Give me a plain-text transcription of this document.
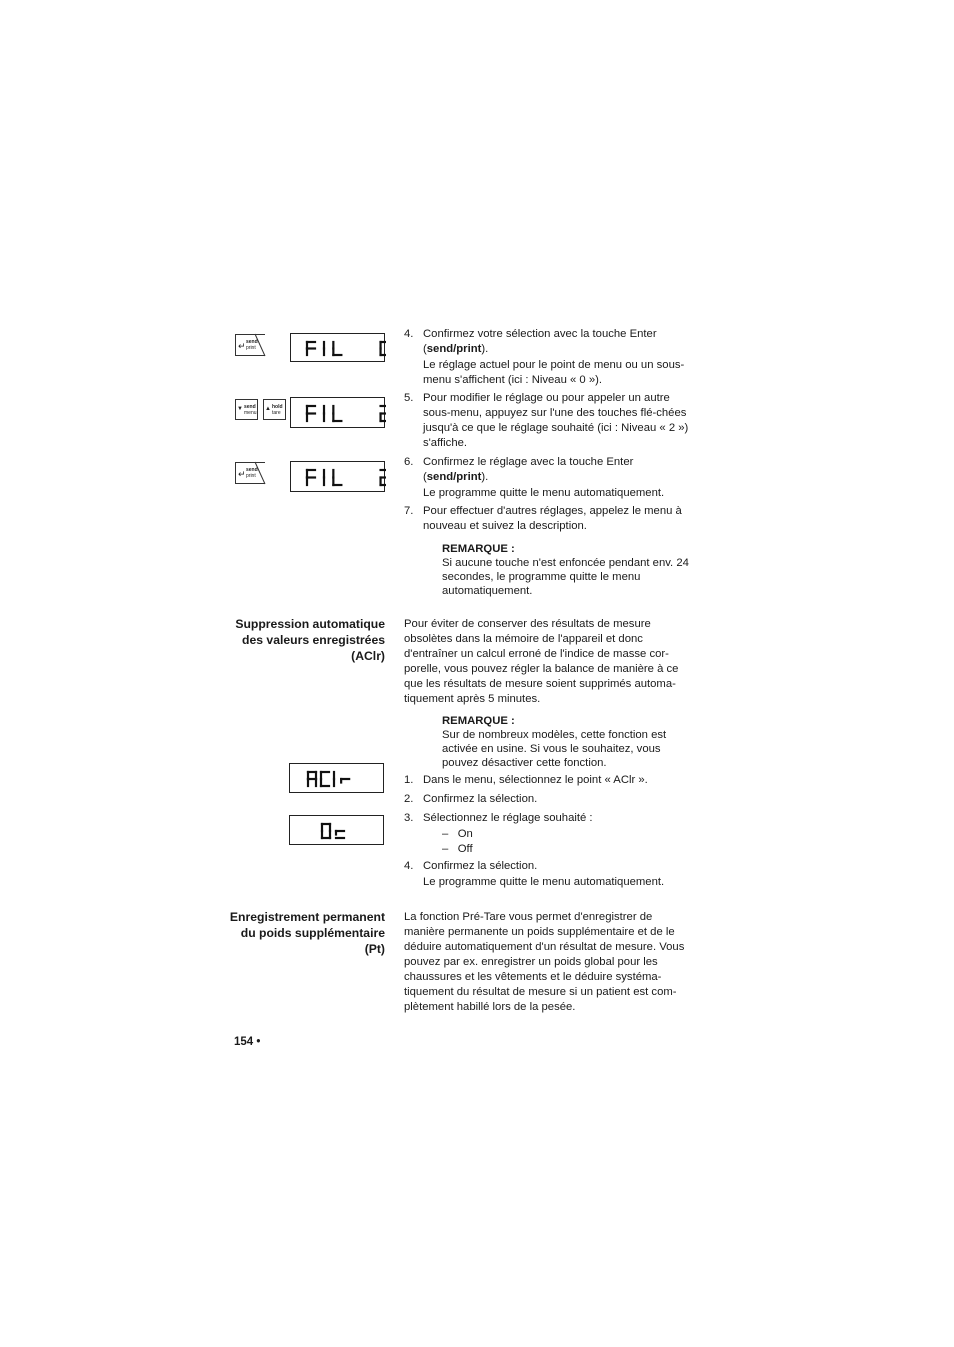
↵ send
print
▼ send
menu
▲ hold
tare
↵ send
print
4. Confirmez votre sélection avec la touche Enter (send/print).

Le réglage actuel pour le point de menu ou un sous-menu s'affichent (ici : Niveau « 0 »).

5. Pour modifier le réglage ou pour appeler un autre sous-menu, appuyez sur l'une des touches flé-chées jusqu'à ce que le réglage souhaité (ici : Niveau « 2 ») s'affiche.

6. Confirmez le réglage avec la touche Enter (send/print).

Le programme quitte le menu automatiquement.

7. Pour effectuer d'autres réglages, appelez le menu à nouveau et suivez la description.

REMARQUE :
Si aucune touche n'est enfoncée pendant env. 24 secondes, le programme quitte le menu automatiquement.
Suppression automatique des valeurs enregistrées (AClr)
Pour éviter de conserver des résultats de mesure obsolètes dans la mémoire de l'appareil et donc d'entraîner un calcul erroné de l'indice de masse cor-porelle, vous pouvez régler la balance de manière à ce que les résultats de mesure soient supprimés automa-tiquement après 5 minutes.
REMARQUE :
Sur de nombreux modèles, cette fonction est activée en usine. Si vous le souhaitez, vous pouvez désactiver cette fonction.
1. Dans le menu, sélectionnez le point « AClr ».

2. Confirmez la sélection.

3. Sélectionnez le réglage souhaité :

– On
– Off
4. Confirmez la sélection.

Le programme quitte le menu automatiquement.

Enregistrement permanent du poids supplémentaire (Pt)
La fonction Pré-Tare vous permet d'enregistrer de manière permanente un poids supplémentaire et de le déduire automatiquement d'un résultat de mesure. Vous pouvez par ex. enregistrer un poids global pour les chaussures et les vêtements et le déduire systéma-tiquement du résultat de mesure si un patient est com-plètement habillé lors de la pesée.
154 •
